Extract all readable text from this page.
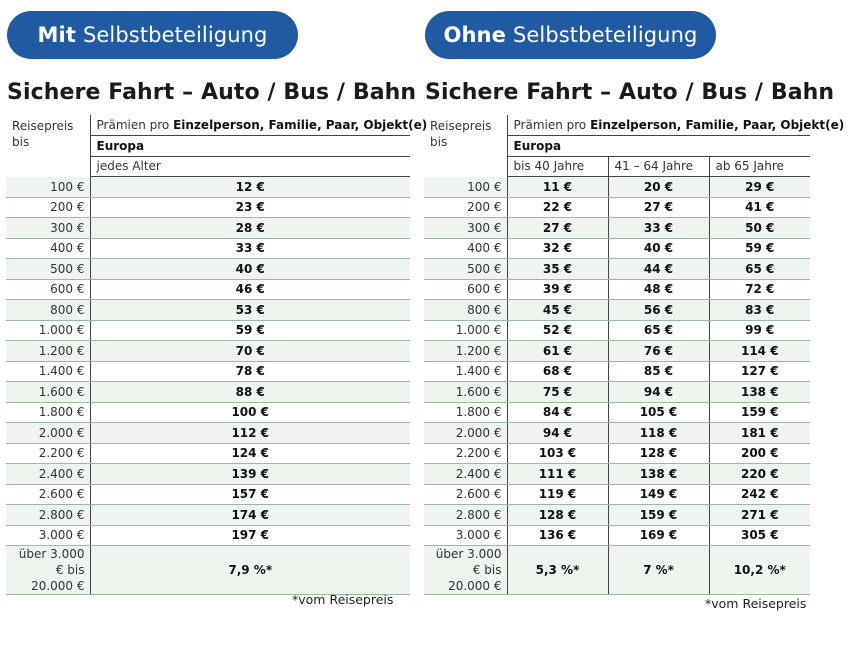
Mit Selbstbeteiligung
Sichere Fahrt – Auto / Bus / Bahn
Reisepreis bis	Prämien pro Einzelperson, Familie, Paar, Objekt(e)
	Europa
	jedes Alter
100 €	12 €
200 €	23 €
300 €	28 €
400 €	33 €
500 €	40 €
600 €	46 €
800 €	53 €
1.000 €	59 €
1.200 €	70 €
1.400 €	78 €
1.600 €	88 €
1.800 €	100 €
2.000 €	112 €
2.200 €	124 €
2.400 €	139 €
2.600 €	157 €
2.800 €	174 €
3.000 €	197 €
über 3.000 € bis 20.000 €	7,9 %*
*vom Reisepreis
Ohne Selbstbeteiligung
Sichere Fahrt – Auto / Bus / Bahn
Reisepreis bis	Prämien pro Einzelperson, Familie, Paar, Objekt(e)		
	Europa		
	bis 40 Jahre	41 – 64 Jahre	ab 65 Jahre
100 €	11 €	20 €	29 €
200 €	22 €	27 €	41 €
300 €	27 €	33 €	50 €
400 €	32 €	40 €	59 €
500 €	35 €	44 €	65 €
600 €	39 €	48 €	72 €
800 €	45 €	56 €	83 €
1.000 €	52 €	65 €	99 €
1.200 €	61 €	76 €	114 €
1.400 €	68 €	85 €	127 €
1.600 €	75 €	94 €	138 €
1.800 €	84 €	105 €	159 €
2.000 €	94 €	118 €	181 €
2.200 €	103 €	128 €	200 €
2.400 €	111 €	138 €	220 €
2.600 €	119 €	149 €	242 €
2.800 €	128 €	159 €	271 €
3.000 €	136 €	169 €	305 €
über 3.000 € bis 20.000 €	5,3 %*	7 %*	10,2 %*
*vom Reisepreis
